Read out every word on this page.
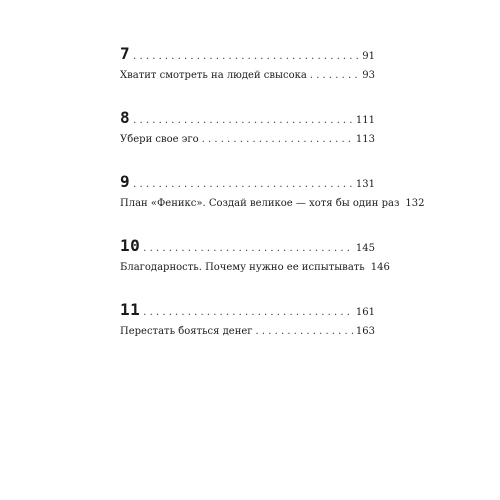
7 . . .	91
Хватит смотреть на людей свысока . . .	93
8 . . .	111
Убери свое эго . . .	113
9 . . .	131
План «Феникс». Создай великое — хотя бы один раз 132
10 . . .	145
Благодарность. Почему нужно ее испытывать 146
11 . . .	161
Перестать бояться денег . . .	163
